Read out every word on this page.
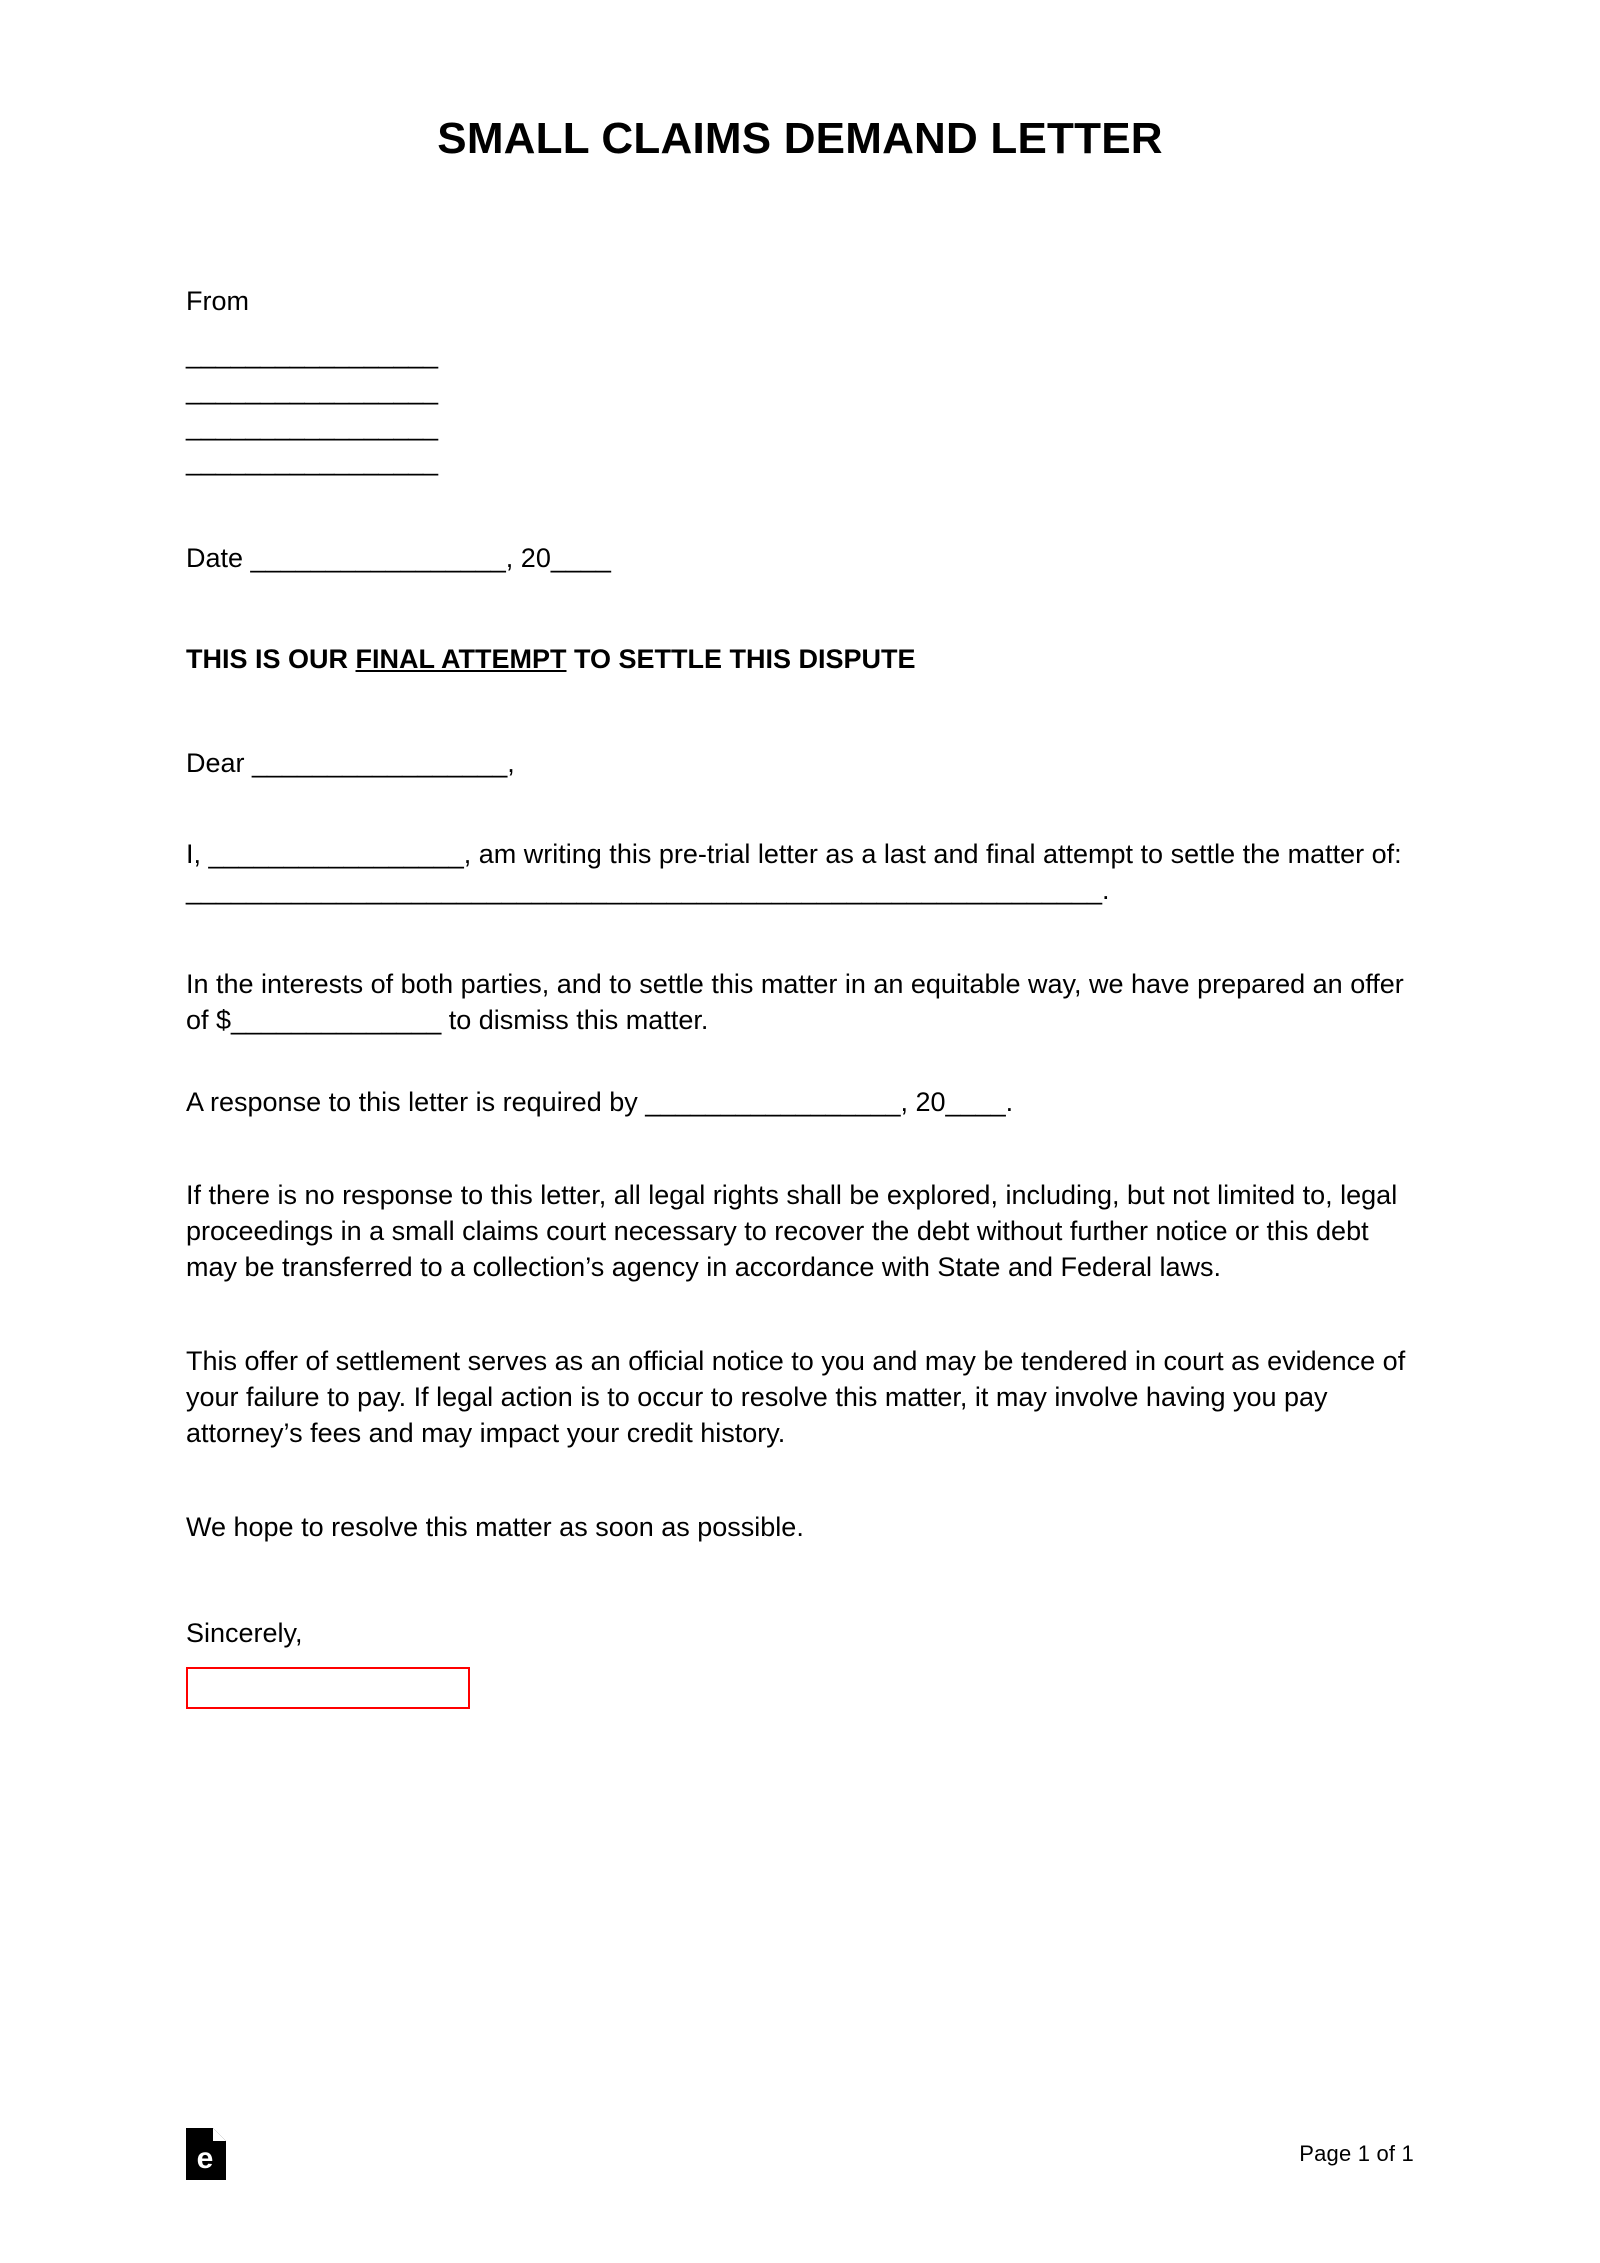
SMALL CLAIMS DEMAND LETTER
From
_________________
_________________
_________________
_________________
Date _________________, 20____
THIS IS OUR FINAL ATTEMPT TO SETTLE THIS DISPUTE
Dear _________________,

I, _________________, am writing this pre-trial letter as a last and final attempt to settle the matter of: _____________________________________________________________.

In the interests of both parties, and to settle this matter in an equitable way, we have prepared an offer of $______________ to dismiss this matter.

A response to this letter is required by _________________, 20____.

If there is no response to this letter, all legal rights shall be explored, including, but not limited to, legal proceedings in a small claims court necessary to recover the debt without further notice or this debt may be transferred to a collection’s agency in accordance with State and Federal laws.

This offer of settlement serves as an official notice to you and may be tendered in court as evidence of your failure to pay. If legal action is to occur to resolve this matter, it may involve having you pay attorney’s fees and may impact your credit history.

We hope to resolve this matter as soon as possible.

Sincerely,
e	Page 1 of 1
